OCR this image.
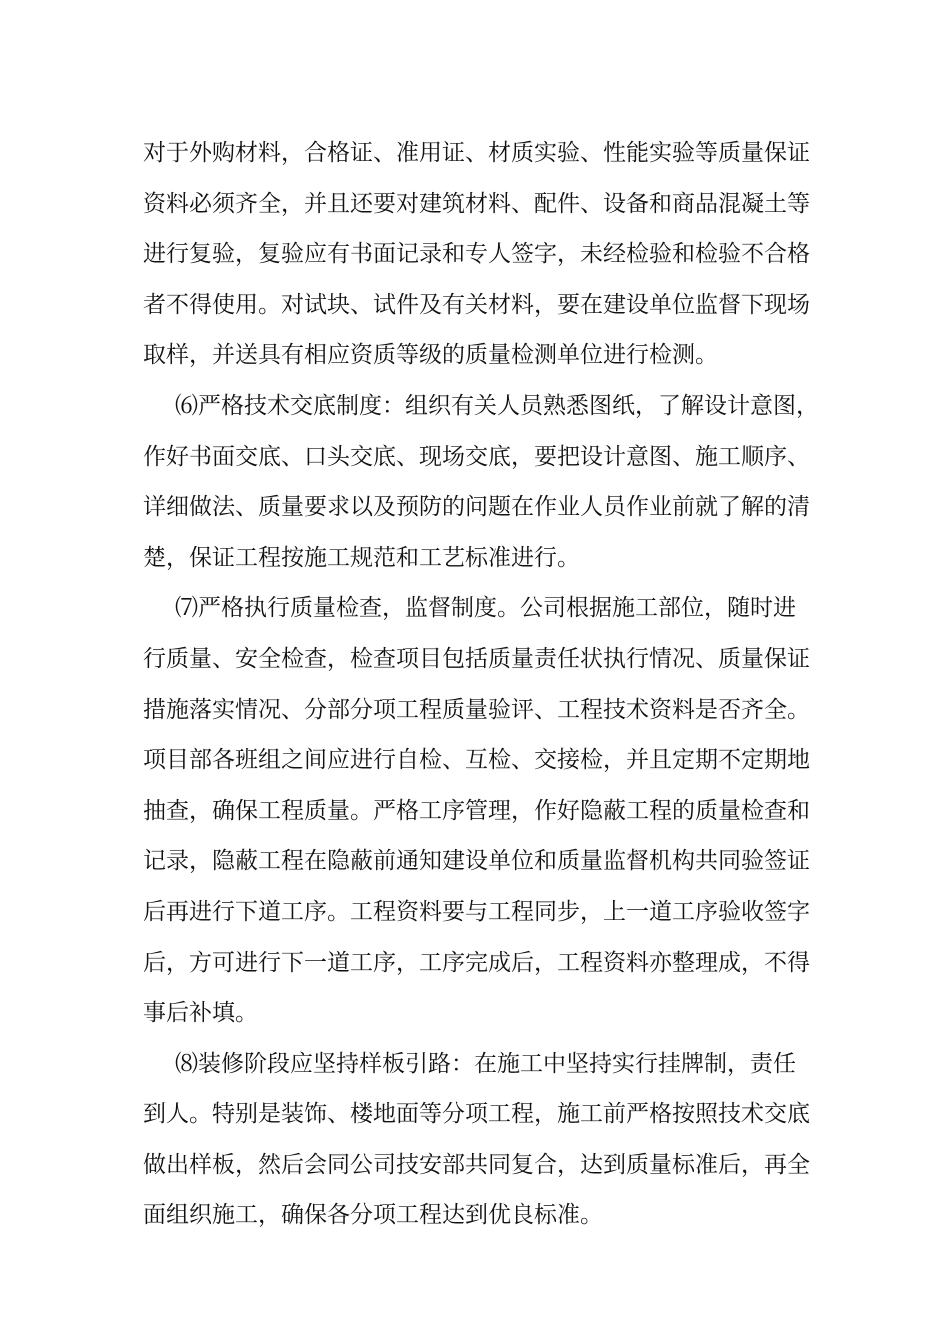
对于外购材料，合格证、准用证、材质实验、性能实验等质量保证
资料必须齐全，并且还要对建筑材料、配件、设备和商品混凝土等
进行复验，复验应有书面记录和专人签字，未经检验和检验不合格
者不得使用。对试块、试件及有关材料，要在建设单位监督下现场
取样，并送具有相应资质等级的质量检测单位进行检测。
⑹严格技术交底制度：组织有关人员熟悉图纸，了解设计意图，
作好书面交底、口头交底、现场交底，要把设计意图、施工顺序、
详细做法、质量要求以及预防的问题在作业人员作业前就了解的清
楚，保证工程按施工规范和工艺标准进行。
⑺严格执行质量检查，监督制度。公司根据施工部位，随时进
行质量、安全检查，检查项目包括质量责任状执行情况、质量保证
措施落实情况、分部分项工程质量验评、工程技术资料是否齐全。
项目部各班组之间应进行自检、互检、交接检，并且定期不定期地
抽查，确保工程质量。严格工序管理，作好隐蔽工程的质量检查和
记录，隐蔽工程在隐蔽前通知建设单位和质量监督机构共同验签证
后再进行下道工序。工程资料要与工程同步，上一道工序验收签字
后，方可进行下一道工序，工序完成后，工程资料亦整理成，不得
事后补填。
⑻装修阶段应坚持样板引路：在施工中坚持实行挂牌制，责任
到人。特别是装饰、楼地面等分项工程，施工前严格按照技术交底
做出样板，然后会同公司技安部共同复合，达到质量标准后，再全
面组织施工，确保各分项工程达到优良标准。
